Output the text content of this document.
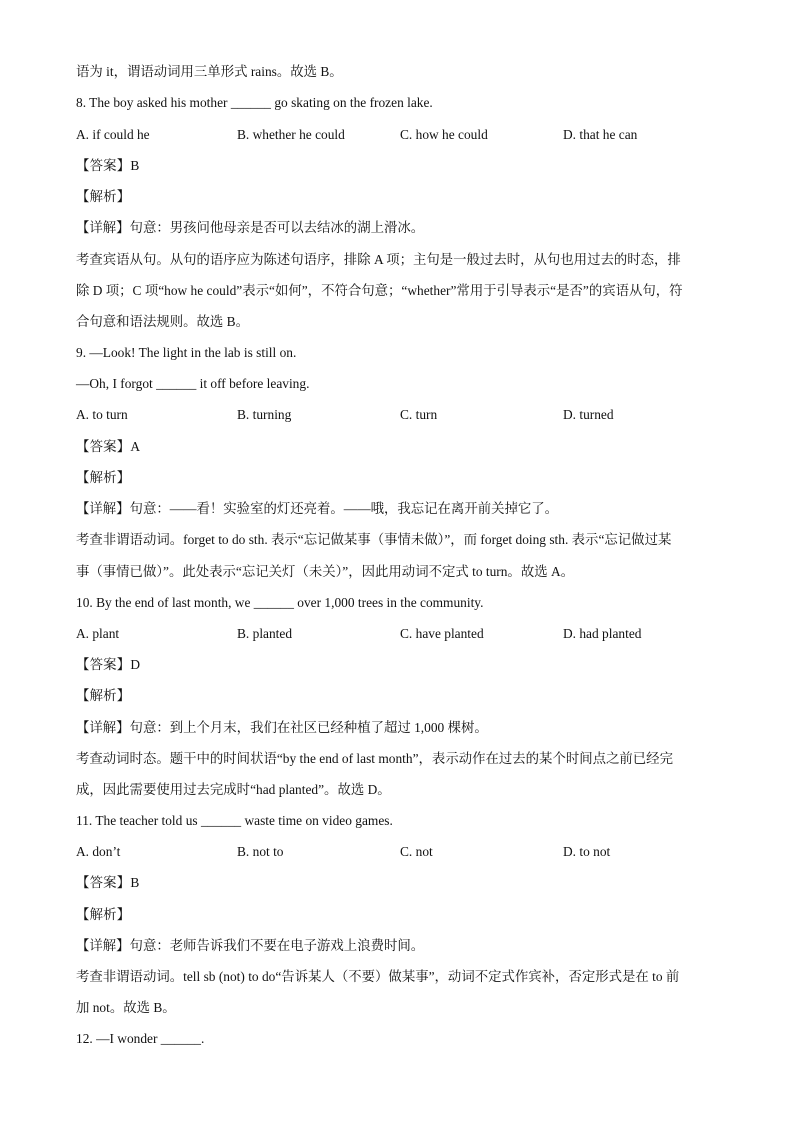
语为 it，谓语动词用三单形式 rains。故选 B。
8. The boy asked his mother ______ go skating on the frozen lake.
A. if could he	B. whether he could	C. how he could	D. that he can
【答案】B
【解析】
【详解】句意：男孩问他母亲是否可以去结冰的湖上滑冰。
考查宾语从句。从句的语序应为陈述句语序，排除 A 项；主句是一般过去时，从句也用过去的时态，排
除 D 项；C 项“how he could”表示“如何”，不符合句意；“whether”常用于引导表示“是否”的宾语从句，符
合句意和语法规则。故选 B。
9. —Look! The light in the lab is still on.
—Oh, I forgot ______ it off before leaving.
A. to turn	B. turning	C. turn	D. turned
【答案】A
【解析】
【详解】句意：——看！实验室的灯还亮着。——哦，我忘记在离开前关掉它了。
考查非谓语动词。forget to do sth. 表示“忘记做某事（事情未做）”，而 forget doing sth. 表示“忘记做过某
事（事情已做）”。此处表示“忘记关灯（未关）”，因此用动词不定式 to turn。故选 A。
10. By the end of last month, we ______ over 1,000 trees in the community.
A. plant	B. planted	C. have planted	D. had planted
【答案】D
【解析】
【详解】句意：到上个月末，我们在社区已经种植了超过 1,000 棵树。
考查动词时态。题干中的时间状语“by the end of last month”，表示动作在过去的某个时间点之前已经完
成，因此需要使用过去完成时“had planted”。故选 D。
11. The teacher told us ______ waste time on video games.
A. don’t	B. not to	C. not	D. to not
【答案】B
【解析】
【详解】句意：老师告诉我们不要在电子游戏上浪费时间。
考查非谓语动词。tell sb (not) to do“告诉某人（不要）做某事”，动词不定式作宾补，否定形式是在 to 前
加 not。故选 B。
12. —I wonder ______.
